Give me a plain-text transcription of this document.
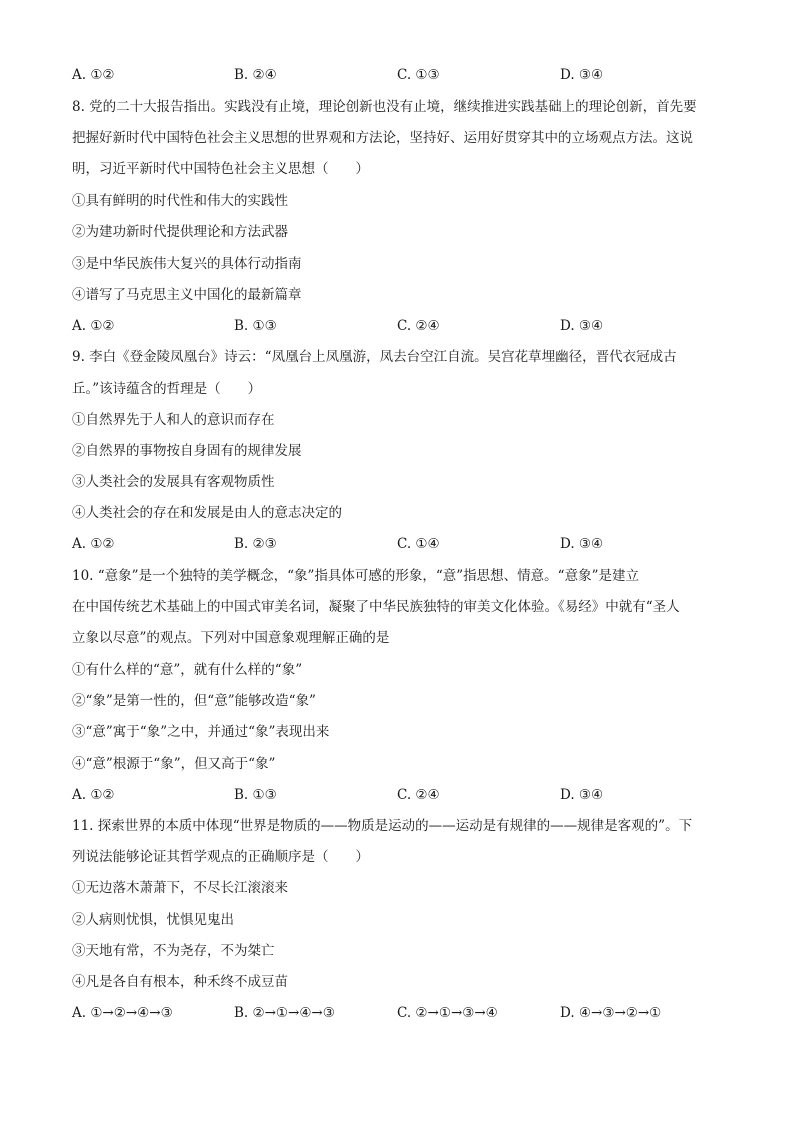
A. ①②	B. ②④	C. ①③	D. ③④
8. 党的二十大报告指出。实践没有止境，理论创新也没有止境，继续推进实践基础上的理论创新，首先要
把握好新时代中国特色社会主义思想的世界观和方法论，坚持好、运用好贯穿其中的立场观点方法。这说
明，习近平新时代中国特色社会主义思想（　　）
①具有鲜明的时代性和伟大的实践性
②为建功新时代提供理论和方法武器
③是中华民族伟大复兴的具体行动指南
④谱写了马克思主义中国化的最新篇章
A. ①②	B. ①③	C. ②④	D. ③④
9. 李白《登金陵凤凰台》诗云：“凤凰台上凤凰游，凤去台空江自流。吴宫花草埋幽径，晋代衣冠成古
丘。”该诗蕴含的哲理是（　　）
①自然界先于人和人的意识而存在
②自然界的事物按自身固有的规律发展
③人类社会的发展具有客观物质性
④人类社会的存在和发展是由人的意志决定的
A. ①②	B. ②③	C. ①④	D. ③④
10. “意象”是一个独特的美学概念，“象”指具体可感的形象，“意”指思想、情意。“意象”是建立
在中国传统艺术基础上的中国式审美名词，凝聚了中华民族独特的审美文化体验。《易经》中就有“圣人
立象以尽意”的观点。下列对中国意象观理解正确的是
①有什么样的“意”，就有什么样的“象”
②“象”是第一性的，但“意”能够改造“象”
③“意”寓于“象”之中，并通过“象”表现出来
④“意”根源于“象”，但又高于“象”
A. ①②	B. ①③	C. ②④	D. ③④
11. 探索世界的本质中体现“世界是物质的——物质是运动的——运动是有规律的——规律是客观的”。下
列说法能够论证其哲学观点的正确顺序是（　　）
①无边落木萧萧下，不尽长江滚滚来
②人病则忧惧，忧惧见鬼出
③天地有常，不为尧存，不为桀亡
④凡是各自有根本，种禾终不成豆苗
A. ①→②→④→③	B. ②→①→④→③	C. ②→①→③→④	D. ④→③→②→①
